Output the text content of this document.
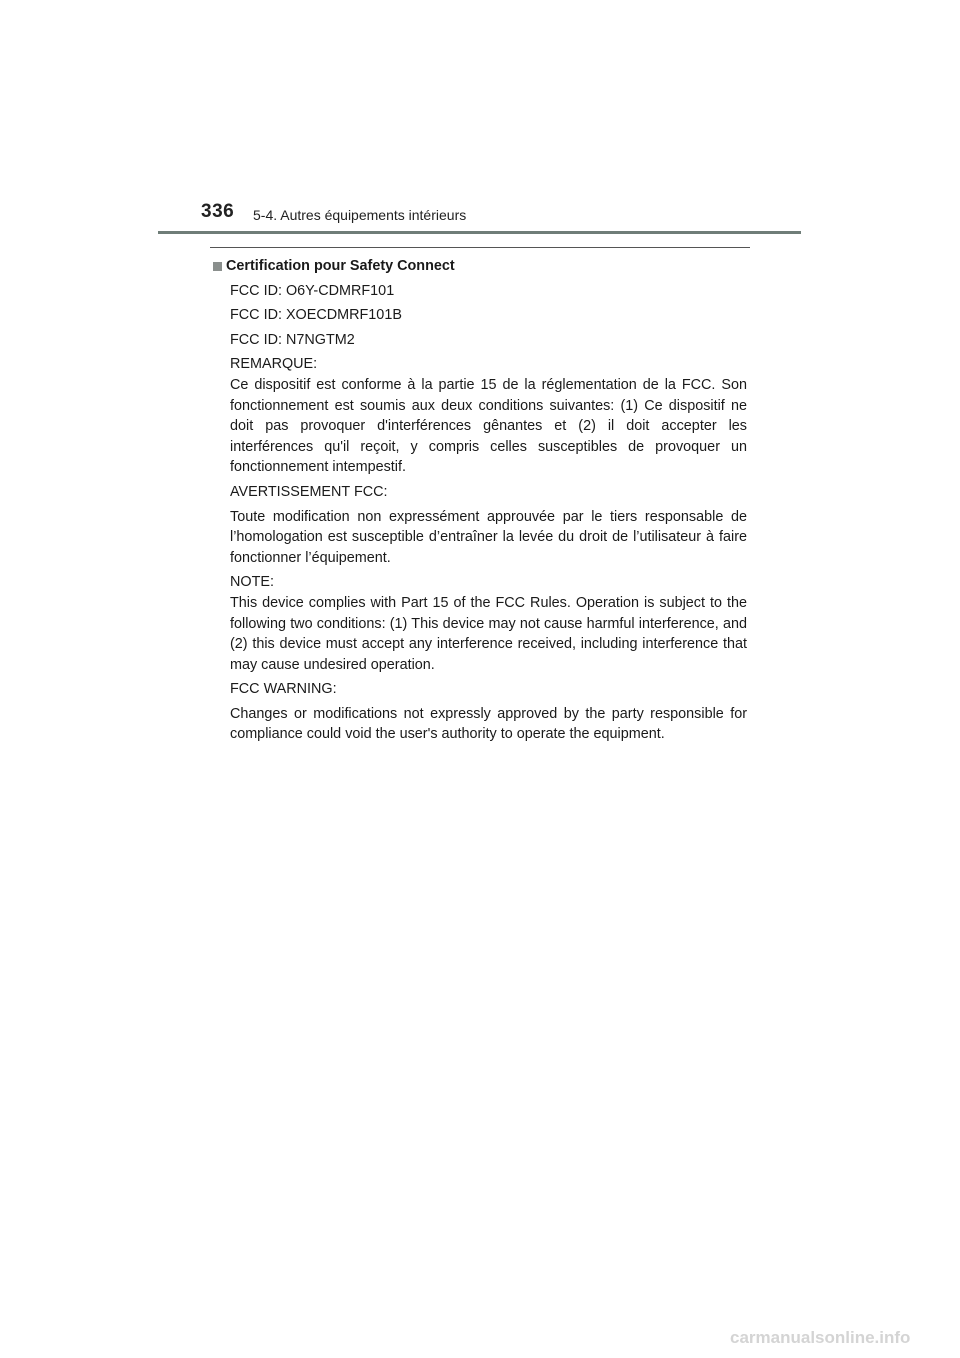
336 5-4. Autres équipements intérieurs
Certification pour Safety Connect
FCC ID: O6Y-CDMRF101
FCC ID: XOECDMRF101B
FCC ID: N7NGTM2
REMARQUE:
Ce dispositif est conforme à la partie 15 de la réglementation de la FCC. Son fonctionnement est soumis aux deux conditions suivantes: (1) Ce dispositif ne doit pas provoquer d'interférences gênantes et (2) il doit accepter les interférences qu'il reçoit, y compris celles susceptibles de provoquer un fonctionnement intempestif.
AVERTISSEMENT FCC:
Toute modification non expressément approuvée par le tiers responsable de l’homologation est susceptible d’entraîner la levée du droit de l’utilisateur à faire fonctionner l’équipement.
NOTE:
This device complies with Part 15 of the FCC Rules. Operation is subject to the following two conditions: (1) This device may not cause harmful interference, and (2) this device must accept any interference received, including interference that may cause undesired operation.
FCC WARNING:
Changes or modifications not expressly approved by the party responsible for compliance could void the user's authority to operate the equipment.
carmanualsonline.info
